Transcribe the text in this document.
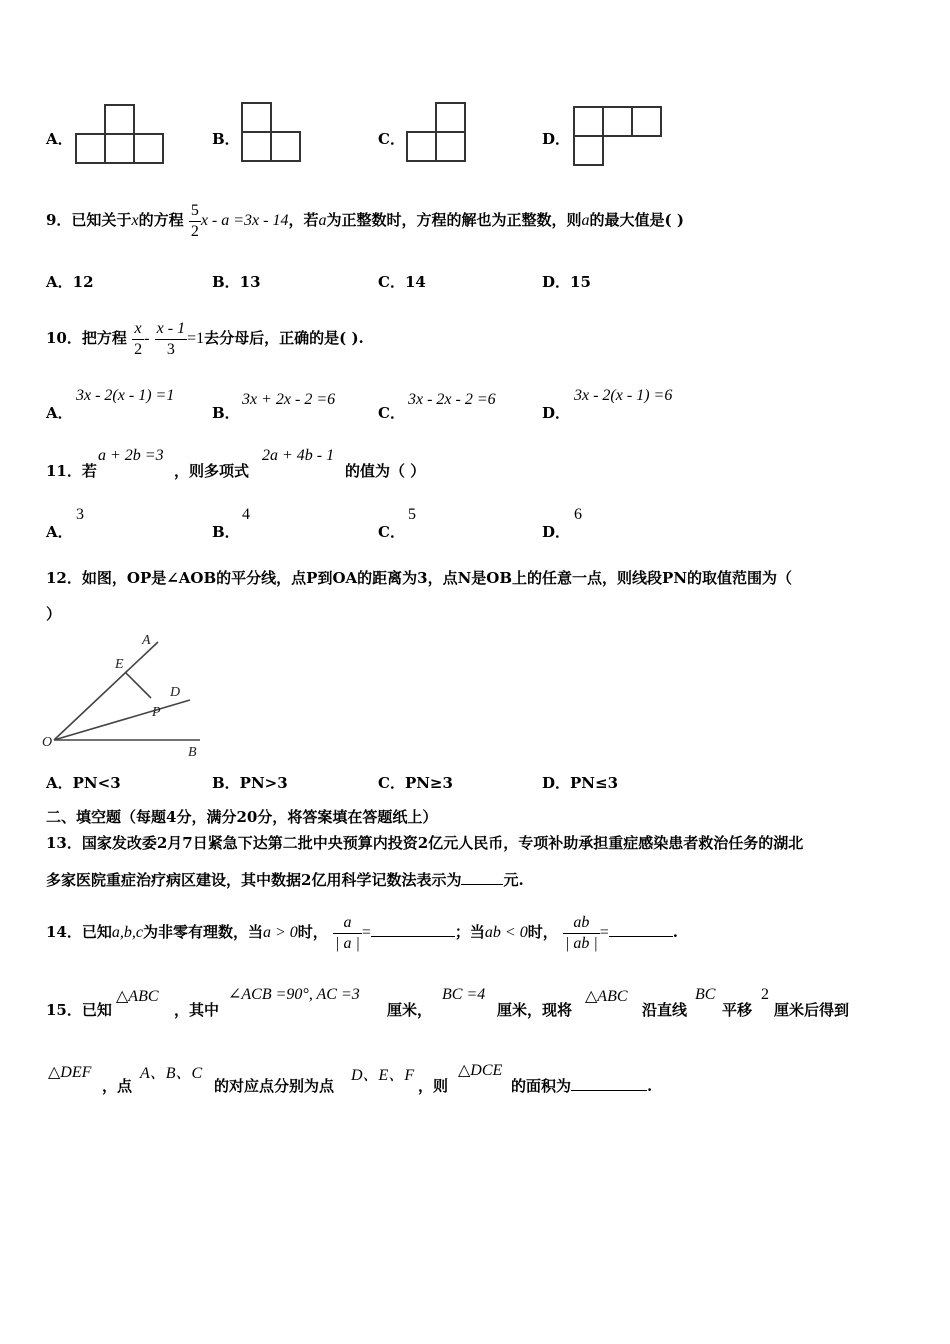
A．	B．	C．	D．
9．已知关于x的方程 $\frac{5}{2}$ x - a =3x - 14，若a为正整数时，方程的解也为正整数，则a的最大值是( )
A．12	B．13	C．14	D．15
10．把方程 $\frac{x}{2} - \frac{x - 1}{3} =1$去分母后，正确的是( ).
A．
3x - 2(x - 1) =1
B．
3x + 2x - 2 =6
C．
3x - 2x - 2 =6
D．
3x - 2(x - 1) =6
11．若
a + 2b =3
，则多项式
2a + 4b - 1
的值为（ ）
A．
3
B．
4
C．
5
D．
6
12．如图，OP是∠AOB的平分线，点P到OA的距离为3，点N是OB上的任意一点，则线段PN的取值范围为（
）
A
E
D
P
O
B
A．PN<3	B．PN>3	C．PN≥3	D．PN≤3
二、填空题（每题4分，满分20分，将答案填在答题纸上）
13．国家发改委2月7日紧急下达第二批中央预算内投资2亿元人民币，专项补助承担重症感染患者救治任务的湖北
多家医院重症治疗病区建设，其中数据2亿用科学记数法表示为	元.
14．已知a,b,c为非零有理数，当a > 0时， $\frac{a}{| a |}$ =	；当ab < 0时， $\frac{ab}{| ab |}$ =	.
15．已知
△ABC
，其中
∠ACB =90°, AC =3
厘米，
BC =4
厘米，现将
△ABC
沿直线
BC
平移
2
厘米后得到
△DEF
，点
A、B、C
的对应点分别为点
D、E、F
，则
△DCE
的面积为	.
